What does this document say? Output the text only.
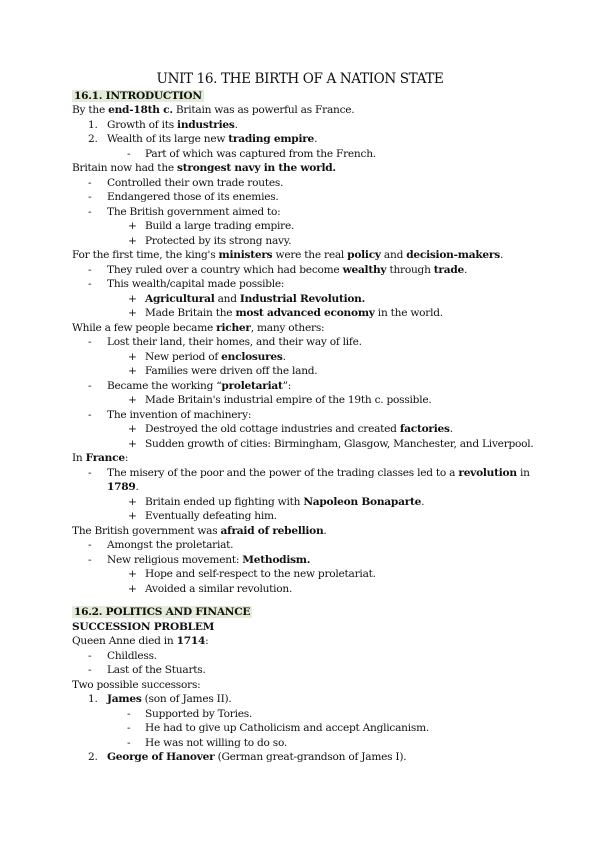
UNIT 16. THE BIRTH OF A NATION STATE
16.1. INTRODUCTION
By the end-18th c. Britain was as powerful as France.
1. Growth of its industries.
2. Wealth of its large new trading empire.
- Part of which was captured from the French.
Britain now had the strongest navy in the world.
- Controlled their own trade routes.
- Endangered those of its enemies.
- The British government aimed to:
+ Build a large trading empire.
+ Protected by its strong navy.
For the first time, the king's ministers were the real policy and decision-makers.
- They ruled over a country which had become wealthy through trade.
- This wealth/capital made possible:
+ Agricultural and Industrial Revolution.
+ Made Britain the most advanced economy in the world.
While a few people became richer, many others:
- Lost their land, their homes, and their way of life.
+ New period of enclosures.
+ Families were driven off the land.
- Became the working “proletariat”:
+ Made Britain's industrial empire of the 19th c. possible.
- The invention of machinery:
+ Destroyed the old cottage industries and created factories.
+ Sudden growth of cities: Birmingham, Glasgow, Manchester, and Liverpool.
In France:
- The misery of the poor and the power of the trading classes led to a revolution in
1789.
+ Britain ended up fighting with Napoleon Bonaparte.
+ Eventually defeating him.
The British government was afraid of rebellion.
- Amongst the proletariat.
- New religious movement: Methodism.
+ Hope and self-respect to the new proletariat.
+ Avoided a similar revolution.
16.2. POLITICS AND FINANCE
SUCCESSION PROBLEM
Queen Anne died in 1714:
- Childless.
- Last of the Stuarts.
Two possible successors:
1. James (son of James II).
- Supported by Tories.
- He had to give up Catholicism and accept Anglicanism.
- He was not willing to do so.
2. George of Hanover (German great-grandson of James I).
